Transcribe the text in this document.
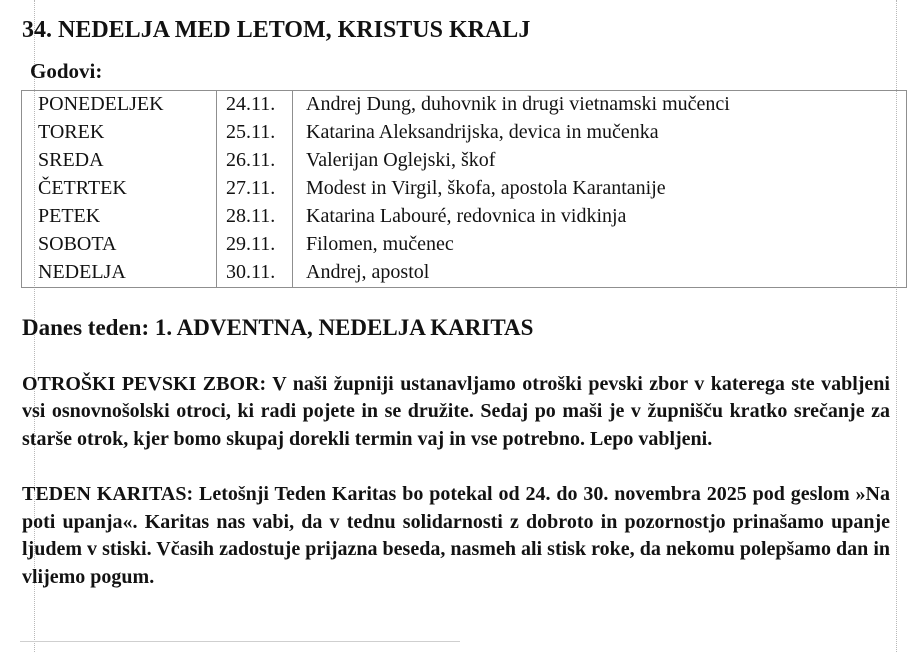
34. NEDELJA MED LETOM, KRISTUS KRALJ
Godovi:
PONEDELJEK	24.11.	Andrej Dung, duhovnik in drugi vietnamski mučenci
TOREK	25.11.	Katarina Aleksandrijska, devica in mučenka
SREDA	26.11.	Valerijan Oglejski, škof
ČETRTEK	27.11.	Modest in Virgil, škofa, apostola Karantanije
PETEK	28.11.	Katarina Labouré, redovnica in vidkinja
SOBOTA	29.11.	Filomen, mučenec
NEDELJA	30.11.	Andrej, apostol
Danes teden: 1. ADVENTNA, NEDELJA KARITAS

OTROŠKI PEVSKI ZBOR: V naši župniji ustanavljamo otroški pevski zbor v katerega ste vabljeni vsi osnovnošolski otroci, ki radi pojete in se družite. Sedaj po maši je v župnišču kratko srečanje za starše otrok, kjer bomo skupaj dorekli termin vaj in vse potrebno. Lepo vabljeni.

TEDEN KARITAS: Letošnji Teden Karitas bo potekal od 24. do 30. novembra 2025 pod geslom »Na poti upanja«. Karitas nas vabi, da v tednu solidarnosti z dobroto in pozornostjo prinašamo upanje ljudem v stiski. Včasih zadostuje prijazna beseda, nasmeh ali stisk roke, da nekomu polepšamo dan in vlijemo pogum.
